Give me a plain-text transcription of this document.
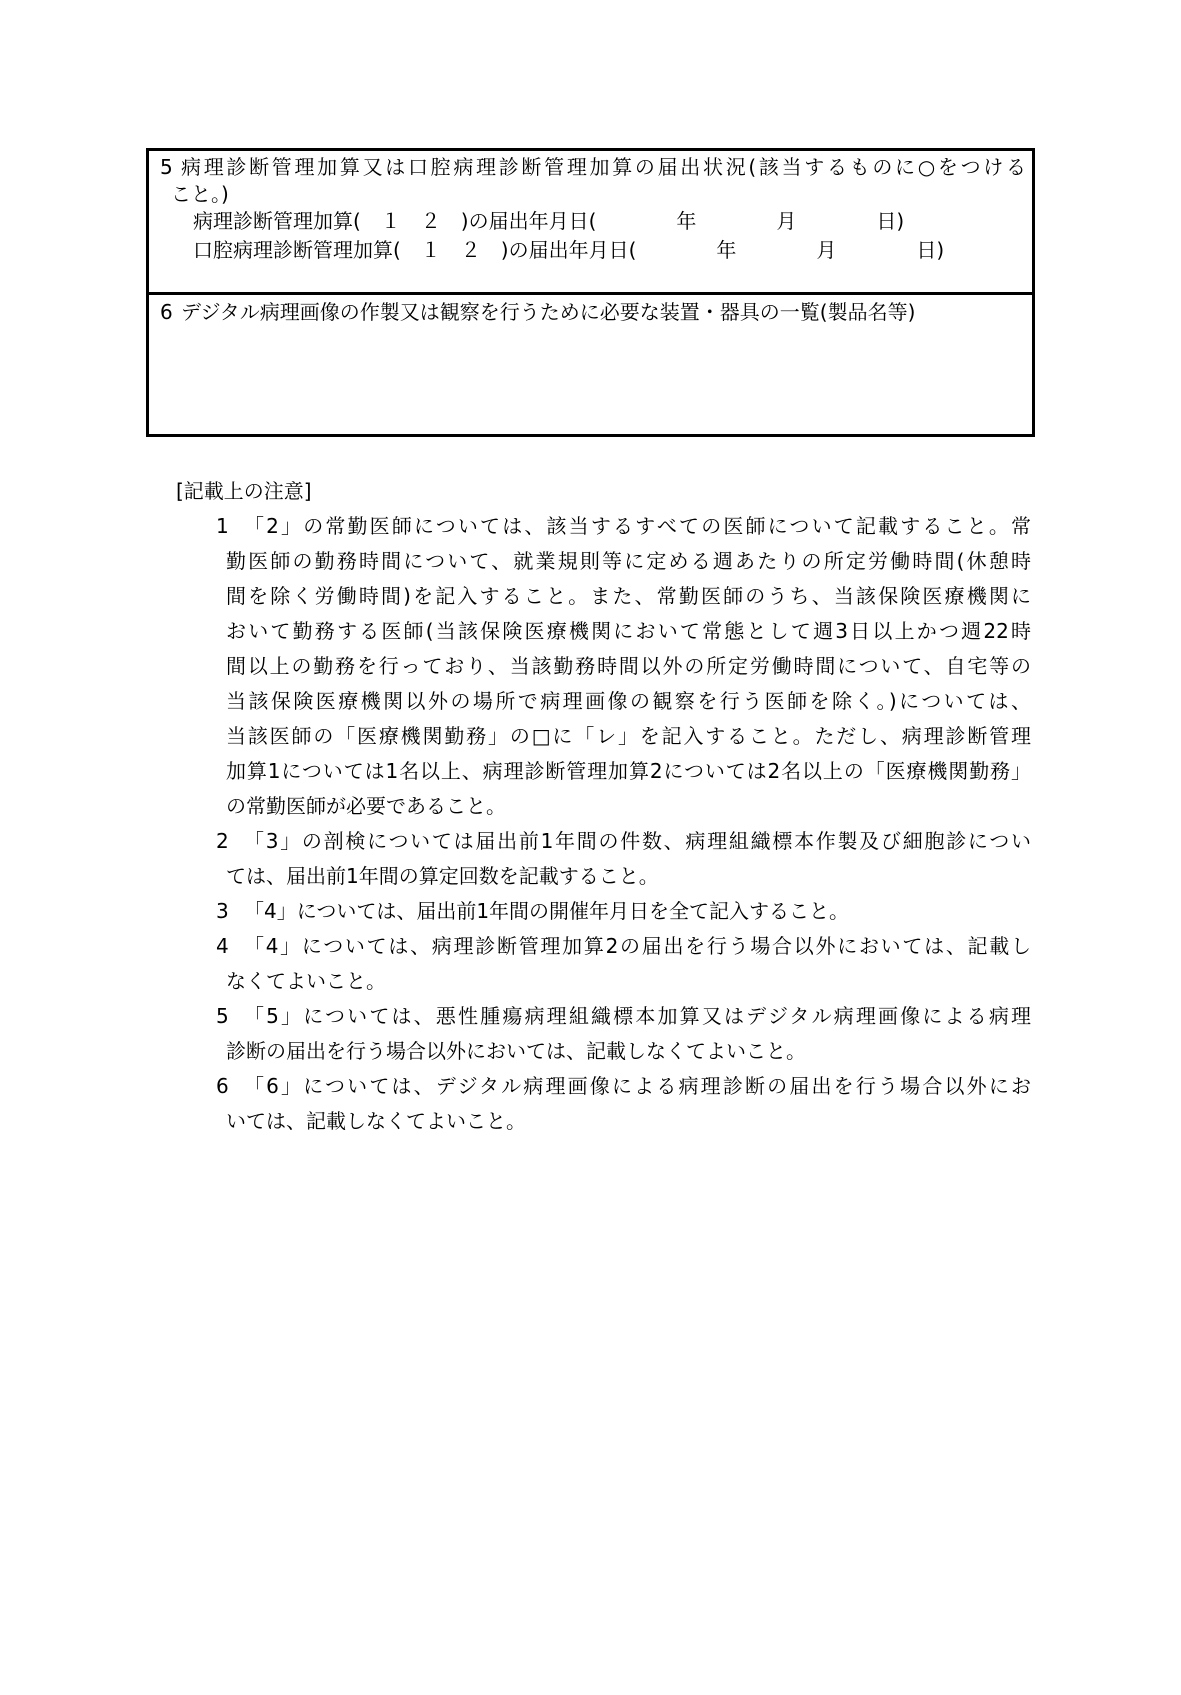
5 病理診断管理加算又は口腔病理診断管理加算の届出状況(該当するものに○をつける
こと。)
病理診断管理加算(　１　２　)の届出年月日(　　　　年　　　　月　　　　日)
口腔病理診断管理加算(　１　２　)の届出年月日(　　　　年　　　　月　　　　日)
6 デジタル病理画像の作製又は観察を行うために必要な装置・器具の一覧(製品名等)
[記載上の注意]
1 「2」の常勤医師については、該当するすべての医師について記載すること。常
勤医師の勤務時間について、就業規則等に定める週あたりの所定労働時間(休憩時
間を除く労働時間)を記入すること。また、常勤医師のうち、当該保険医療機関に
おいて勤務する医師(当該保険医療機関において常態として週3日以上かつ週22時
間以上の勤務を行っており、当該勤務時間以外の所定労働時間について、自宅等の
当該保険医療機関以外の場所で病理画像の観察を行う医師を除く。)については、
当該医師の「医療機関勤務」の□に「レ」を記入すること。ただし、病理診断管理
加算1については1名以上、病理診断管理加算2については2名以上の「医療機関勤務」
の常勤医師が必要であること。
2 「3」の剖検については届出前1年間の件数、病理組織標本作製及び細胞診につい
ては、届出前1年間の算定回数を記載すること。
3 「4」については、届出前1年間の開催年月日を全て記入すること。
4 「4」については、病理診断管理加算2の届出を行う場合以外においては、記載し
なくてよいこと。
5 「5」については、悪性腫瘍病理組織標本加算又はデジタル病理画像による病理
診断の届出を行う場合以外においては、記載しなくてよいこと。
6 「6」については、デジタル病理画像による病理診断の届出を行う場合以外にお
いては、記載しなくてよいこと。
